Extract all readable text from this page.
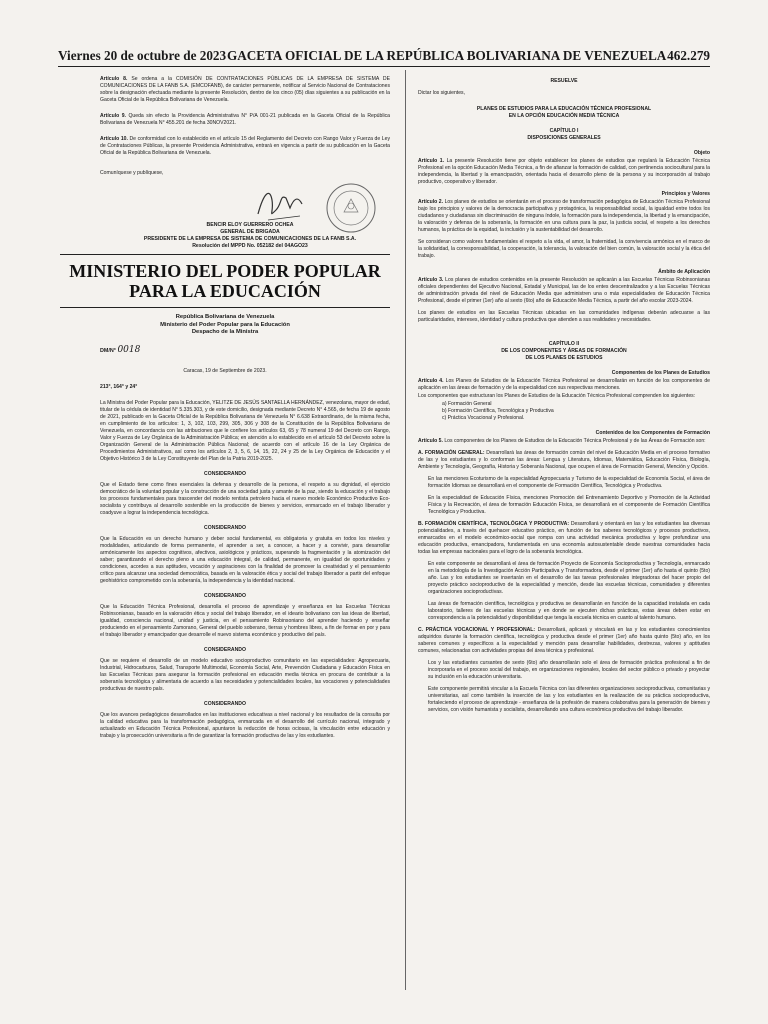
Viernes 20 de octubre de 2023 GACETA OFICIAL DE LA REPÚBLICA BOLIVARIANA DE VENEZUELA 462.279

Artículo 8. Se ordena a la COMISIÓN DE CONTRATACIONES PÚBLICAS DE LA EMPRESA DE SISTEMA DE COMUNICACIONES DE LA FANB S.A. (EMCOFANB), de carácter permanente, notificar al Servicio Nacional de Contrataciones sobre la designación efectuada mediante la presente Resolución, dentro de los cinco (05) días siguientes a su publicación en la Gaceta Oficial de la República Bolivariana de Venezuela.

Artículo 9. Queda sin efecto la Providencia Administrativa N° P/A 001-21 publicada en la Gaceta Oficial de la República Bolivariana de Venezuela N° 455.201 de fecha 30NOV2021.

Artículo 10. De conformidad con lo establecido en el artículo 15 del Reglamento del Decreto con Rango Valor y Fuerza de Ley de Contrataciones Públicas, la presente Providencia Administrativa, entrará en vigencia a partir de su publicación en la Gaceta Oficial de la República Bolivariana de Venezuela.

Comuníquese y publíquese,

BENCIR ELOY GUERRERO OCHEA
GENERAL DE BRIGADA
PRESIDENTE DE LA EMPRESA DE SISTEMA DE COMUNICACIONES DE LA FANB S.A.
Resolución del MPPD No. 052182 del 04AGO23
MINISTERIO DEL PODER POPULAR
PARA LA EDUCACIÓN
República Bolivariana de Venezuela
Ministerio del Poder Popular para la Educación
Despacho de la Ministra

DM/N° 0018

Caracas, 19 de Septiembre de 2023.

213°, 164° y 24°

La Ministra del Poder Popular para la Educación, YELITZE DE JESÚS SANTAELLA HERNÁNDEZ, venezolana, mayor de edad, titular de la cédula de identidad N° 5.335.303, y de este domicilio, designada mediante Decreto N° 4.565, de fecha 19 de agosto de 2021, publicado en la Gaceta Oficial de la República Bolivariana de Venezuela N° 6.638 Extraordinario, de la misma fecha, en cumplimiento de los artículos: 1, 3, 102, 103, 299, 305, 306 y 308 de la Constitución de la República Bolivariana de Venezuela, en concordancia con las atribuciones que le confiere los artículos 63, 65 y 78 numeral 19 del Decreto con Rango, Valor y Fuerza de Ley Orgánica de la Administración Pública; en atención a lo establecido en el artículo 53 del Decreto sobre la Organización General de la Administración Pública Nacional; de acuerdo con el artículo 16 de la Ley Orgánica de Procedimientos Administrativos, así como los artículos 2, 3, 5, 6, 14, 15, 22, 24 y 25 de la Ley Orgánica de Educación y el Objetivo Histórico 3 de la Ley Constituyente del Plan de la Patria 2019-2025.

CONSIDERANDO

Que el Estado tiene como fines esenciales la defensa y desarrollo de la persona, el respeto a su dignidad, el ejercicio democrático de la voluntad popular y la construcción de una sociedad justa y amante de la paz, siendo la educación y el trabajo los procesos fundamentales para trascender del modelo rentista petrolero hacia el nuevo modelo Económico Productivo Eco-socialista y contribuya al desarrollo sostenible en la producción de bienes y servicios, enmarcado en el trabajo liberador y coadyuve a lograr la independencia tecnológica.

CONSIDERANDO

Que la Educación es un derecho humano y deber social fundamental, es obligatoria y gratuita en todos los niveles y modalidades, articulando de forma permanente, el aprender a ser, a conocer, a hacer y a convivir, para desarrollar armónicamente los aspectos cognitivos, afectivos, axiológicos y prácticos, superando la fragmentación y la atomización del saber; garantizando el derecho pleno a una educación integral, de calidad, permanente, en igualdad de oportunidades y condiciones, acordes a sus aptitudes, vocación y aspiraciones con la finalidad de promover la creatividad y el pensamiento crítico para alcanzar una sociedad democrática, basada en la valoración ética y social del trabajo liberador a partir del enfoque geohistórico comprometido con la soberanía, la independencia y la identidad nacional.

CONSIDERANDO

Que la Educación Técnica Profesional, desarrolla el proceso de aprendizaje y enseñanza en las Escuelas Técnicas Robinsonianas, basado en la valoración ética y social del trabajo liberador, en el ideario bolivariano con las ideas de libertad, igualdad, consciencia nacional, unidad y justicia, en el pensamiento Robinsoniano del aprender haciendo y enseñar produciendo en el pensamiento Zamorano, General del pueblo soberano, tierras y hombres libres, a fin de formar en por y para el trabajo liberador y emancipador que desarrolle el nuevo sistema económico y productivo del país.

CONSIDERANDO

Que se requiere el desarrollo de un modelo educativo socioproductivo comunitario en las especialidades: Agropecuaria, Industrial, Hidrocarburos, Salud, Transporte Multimodal, Economía Social, Arte, Prevención Ciudadana y Educación Física en las Escuelas Técnicas para asegurar la formación profesional en educación media técnica en procura de contribuir a la soberanía tecnológica y alimentaria de acuerdo a las necesidades y potencialidades locales, las vocaciones y potencialidades productivas de nuestro país.

CONSIDERANDO

Que los avances pedagógicos desarrollados en las instituciones educativas a nivel nacional y los resultados de la consulta por la calidad educativa para la transformación pedagógica, enmarcada en el desarrollo del currículo nacional, integrado y actualizado en Educación Técnica Profesional, apuntaron la reducción de horas ociosas, la vinculación entre educación y trabajo y la prosecución universitaria a fin de garantizar la formación productiva de las y los estudiantes.

RESUELVE

Dictar los siguientes,

PLANES DE ESTUDIOS PARA LA EDUCACIÓN TÉCNICA PROFESIONAL
EN LA OPCIÓN EDUCACIÓN MEDIA TÉCNICA
CAPÍTULO I
DISPOSICIONES GENERALES

Objeto

Artículo 1. La presente Resolución tiene por objeto establecer los planes de estudios que regulará la Educación Técnica Profesional en la opción Educación Media Técnica, a fin de afianzar la formación de calidad, con pertinencia sociocultural para la independencia, la libertad y la emancipación, orientada hacia el desarrollo pleno de la persona y su incorporación al trabajo productivo, cooperativo y liberador.

Principios y Valores

Artículo 2. Los planes de estudios se orientarán en el proceso de transformación pedagógica de Educación Técnica Profesional bajo los principios y valores de la democracia participativa y protagónica, la responsabilidad social, la igualdad entre todos los ciudadanos y ciudadanas sin discriminación de ninguna índole, la formación para la independencia, la libertad y la emancipación, la valoración y defensa de la soberanía, la formación en una cultura para la paz, la justicia social, el respeto a los derechos humanos, la práctica de la equidad, la inclusión y la sustentabilidad del desarrollo.

Se consideran como valores fundamentales el respeto a la vida, el amor, la fraternidad, la convivencia armónica en el marco de la solidaridad, la corresponsabilidad, la cooperación, la tolerancia, la valoración del bien común, la valoración social y la ética del trabajo.

Ámbito de Aplicación

Artículo 3. Los planes de estudios contenidos en la presente Resolución se aplicarán a las Escuelas Técnicas Robinsonianas oficiales dependientes del Ejecutivo Nacional, Estadal y Municipal, las de los entes descentralizados y a las Escuelas Técnicas de administración privada del nivel de Educación Media que administren una o más especialidades de Educación Técnica Profesional, desde el primer (1er) año al sexto (6to) año de Educación Media Técnica, a partir del año escolar 2023-2024.

Los planes de estudios en las Escuelas Técnicas ubicadas en las comunidades indígenas deberán adecuarse a las particularidades, intereses, identidad y cultura productiva que atienden a sus realidades y necesidades.

CAPÍTULO II
DE LOS COMPONENTES Y ÁREAS DE FORMACIÓN
DE LOS PLANES DE ESTUDIOS

Componentes de los Planes de Estudios

Artículo 4. Los Planes de Estudios de la Educación Técnica Profesional se desarrollarán en función de los componentes de aplicación en las áreas de formación y de la especialidad con sus respectivas menciones.

Los componentes que estructuran los Planes de Estudios de la Educación Técnica Profesional comprenden los siguientes:

a) Formación General
b) Formación Científica, Tecnológica y Productiva
c) Práctica Vocacional y Profesional.

Contenidos de los Componentes de Formación

Artículo 5. Los componentes de los Planes de Estudios de la Educación Técnica Profesional y de las Áreas de Formación son:

A. FORMACIÓN GENERAL: Desarrollará las áreas de formación común del nivel de Educación Media en el proceso formativo de las y los estudiantes y lo conforman las áreas: Lengua y Literatura, Idiomas, Matemática, Educación Física, Biología, Ambiente y Tecnología, Geografía, Historia y Soberanía Nacional, que ocupen el área de Formación General, Mención y Opción.

En las menciones Ecoturismo de la especialidad Agropecuaria y Turismo de la especialidad de Economía Social, el área de formación Idiomas se desarrollará en el componente de Formación Científica, Tecnológica y Productiva.

En la especialidad de Educación Física, menciones Promoción del Entrenamiento Deportivo y Promoción de la Actividad Física y la Recreación, el área de formación Educación Física, se desarrollará en el componente de Formación Científica Tecnológica y Productiva.

B. FORMACIÓN CIENTÍFICA, TECNOLÓGICA Y PRODUCTIVA: Desarrollará y orientará en las y los estudiantes las diversas potencialidades, a través del quehacer educativo práctico, en función de los saberes tecnológicos y procesos productivos, enmarcados en el modelo económico-social que rompa con una actividad mecánica productiva y logre profundizar una educación productiva, emancipadora, fundamentada en una economía autosustentable desde nuestras comunidades hacia todas las empresas nacionales para el logro de la soberanía tecnológica.

En este componente se desarrollará el área de formación Proyecto de Economía Socioproductiva y Tecnología, enmarcado en la metodología de la Investigación Acción Participativa y Transformadora, desde el primer (1er) año hasta el quinto (5to) año. Las y los estudiantes se insertarán en el desarrollo de las tareas profesionales integradoras del hacer propio del proyecto práctico socioproductivo de la especialidad y mención, desde las escuelas técnicas, comunidades y diferentes organizaciones socioproductivas.

Las áreas de formación científica, tecnológica y productiva se desarrollarán en función de la capacidad instalada en cada laboratorio, talleres de las escuelas técnicas y en donde se ejecuten dichas prácticas, estas áreas deben estar en correspondencia a la potencialidad y disponibilidad que tenga la escuela técnica en cuanto al talento humano.

C. PRÁCTICA VOCACIONAL Y PROFESIONAL: Desarrollará, aplicará y vinculará en las y los estudiantes conocimientos adquiridos durante la formación científica, tecnológica y productiva desde el primer (1er) año hasta quinto (5to) año, en los saberes comunes y específicos a la especialidad y mención para desarrollar habilidades, destrezas, valores y aptitudes comunes, relacionadas con actividades propias del área técnica y profesional.

Los y las estudiantes cursantes de sexto (6to) año desarrollarán solo el área de formación práctica profesional a fin de incorporarla en el proceso social del trabajo, en organizaciones regionales, locales del sector público o privado y proyectar su inclusión en la educación universitaria.

Este componente permitirá vincular a la Escuela Técnica con las diferentes organizaciones socioproductivas, comunitarias y universitarias, así como también la inserción de las y los estudiantes en la realización de su práctica socioproductiva, fortaleciendo el proceso de aprendizaje - enseñanza de la profesión de manera colaborativa para la generación de bienes y servicios, con visión humanista y socialista, desarrollando una cultura económica productiva del trabajo liberador.
